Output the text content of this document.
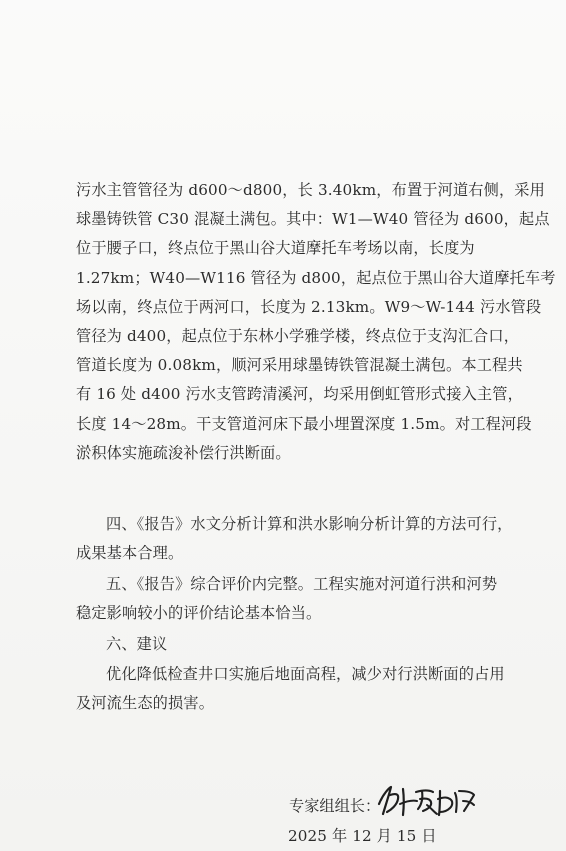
污水主管管径为 d600～d800，长 3.40km，布置于河道右侧，采用
球墨铸铁管 C30 混凝土满包。其中：W1—W40 管径为 d600，起点
位于腰子口，终点位于黑山谷大道摩托车考场以南，长度为
1.27km；W40—W116 管径为 d800，起点位于黑山谷大道摩托车考
场以南，终点位于两河口，长度为 2.13km。W9～W-144 污水管段
管径为 d400，起点位于东林小学雅学楼，终点位于支沟汇合口，
管道长度为 0.08km，顺河采用球墨铸铁管混凝土满包。本工程共
有 16 处 d400 污水支管跨清溪河，均采用倒虹管形式接入主管，
长度 14～28m。干支管道河床下最小埋置深度 1.5m。对工程河段
淤积体实施疏浚补偿行洪断面。
四、《报告》水文分析计算和洪水影响分析计算的方法可行，
成果基本合理。
五、《报告》综合评价内完整。工程实施对河道行洪和河势
稳定影响较小的评价结论基本恰当。
六、建议
优化降低检查井口实施后地面高程，减少对行洪断面的占用
及河流生态的损害。
专家组组长：
2025 年 12 月 15 日
